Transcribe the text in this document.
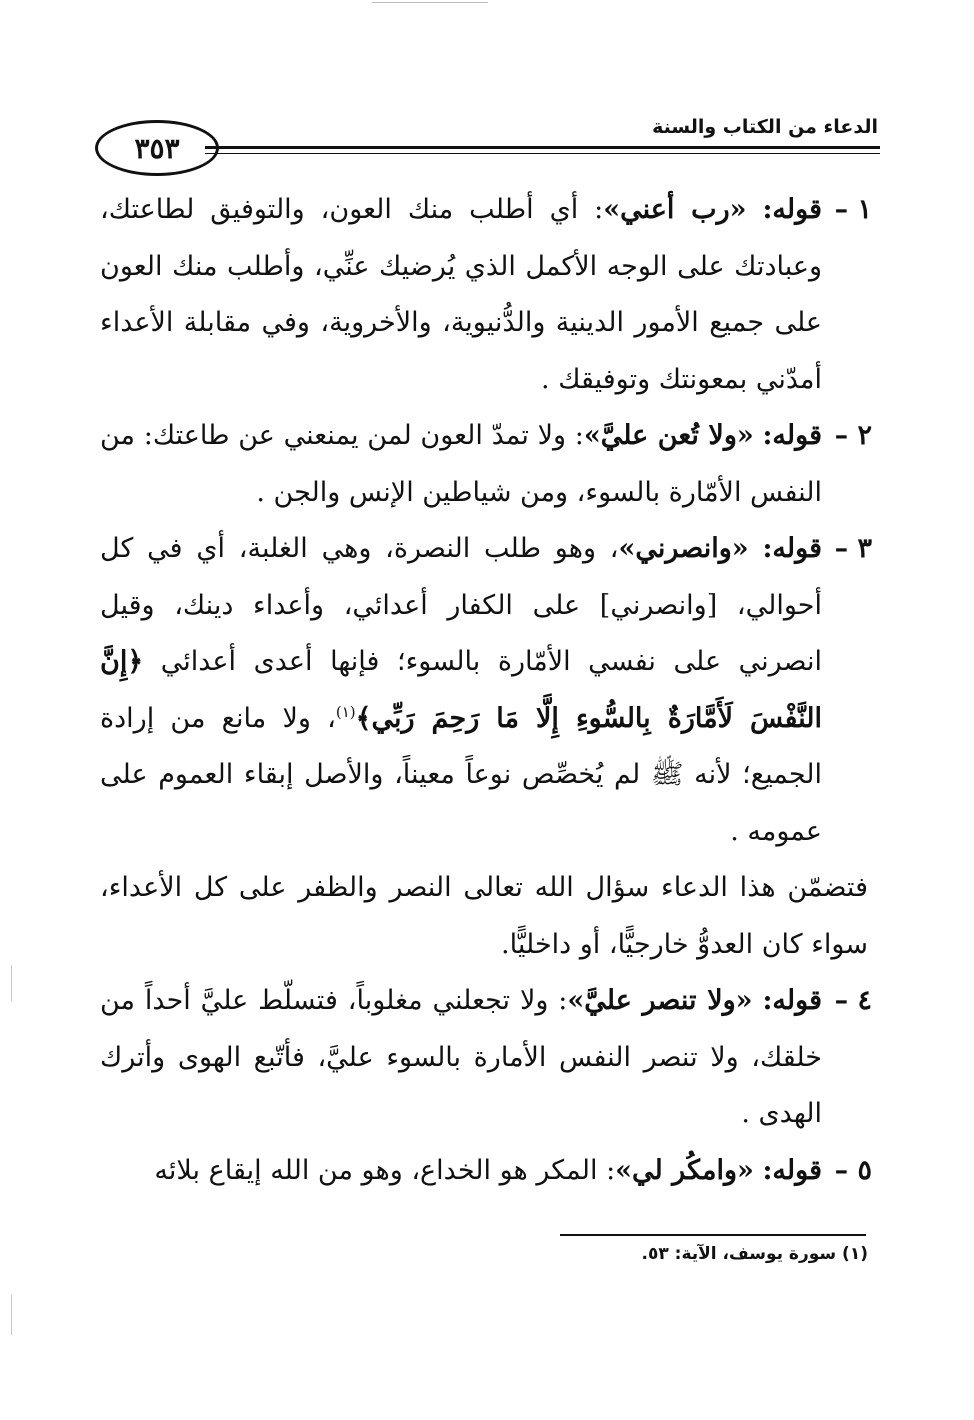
٣٥٣
الدعاء من الكتاب والسنة

١ –
قوله: «رب أعني»: أي أطلب منك العون، والتوفيق لطاعتك، وعبادتك على الوجه الأكمل الذي يُرضيك عنِّي، وأطلب منك العون على جميع الأمور الدينية والدُّنيوية، والأخروية، وفي مقابلة الأعداء أمدّني بمعونتك وتوفيقك .

٢ –
قوله: «ولا تُعن عليَّ»: ولا تمدّ العون لمن يمنعني عن طاعتك: من النفس الأمّارة بالسوء، ومن شياطين الإنس والجن .

٣ –
قوله: «وانصرني»، وهو طلب النصرة، وهي الغلبة، أي في كل أحوالي، [وانصرني] على الكفار أعدائي، وأعداء دينك، وقيل انصرني على نفسي الأمّارة بالسوء؛ فإنها أعدى أعدائي ﴿إِنَّ النَّفْسَ لَأَمَّارَةٌ بِالسُّوءِ إِلَّا مَا رَحِمَ رَبِّي﴾$^{(١)}$، ولا مانع من إرادة الجميع؛ لأنه ﷺ لم يُخصِّص نوعاً معيناً، والأصل إبقاء العموم على عمومه .

فتضمّن هذا الدعاء سؤال الله تعالى النصر والظفر على كل الأعداء، سواء كان العدوُّ خارجيًّا، أو داخليًّا.

٤ –
قوله: «ولا تنصر عليَّ»: ولا تجعلني مغلوباً، فتسلّط عليَّ أحداً من خلقك، ولا تنصر النفس الأمارة بالسوء عليَّ، فأتّبع الهوى وأترك الهدى .

٥ –
قوله: «وامكُر لي»: المكر هو الخداع، وهو من الله إيقاع بلائه

(١) سورة يوسف، الآية: ٥٣.
